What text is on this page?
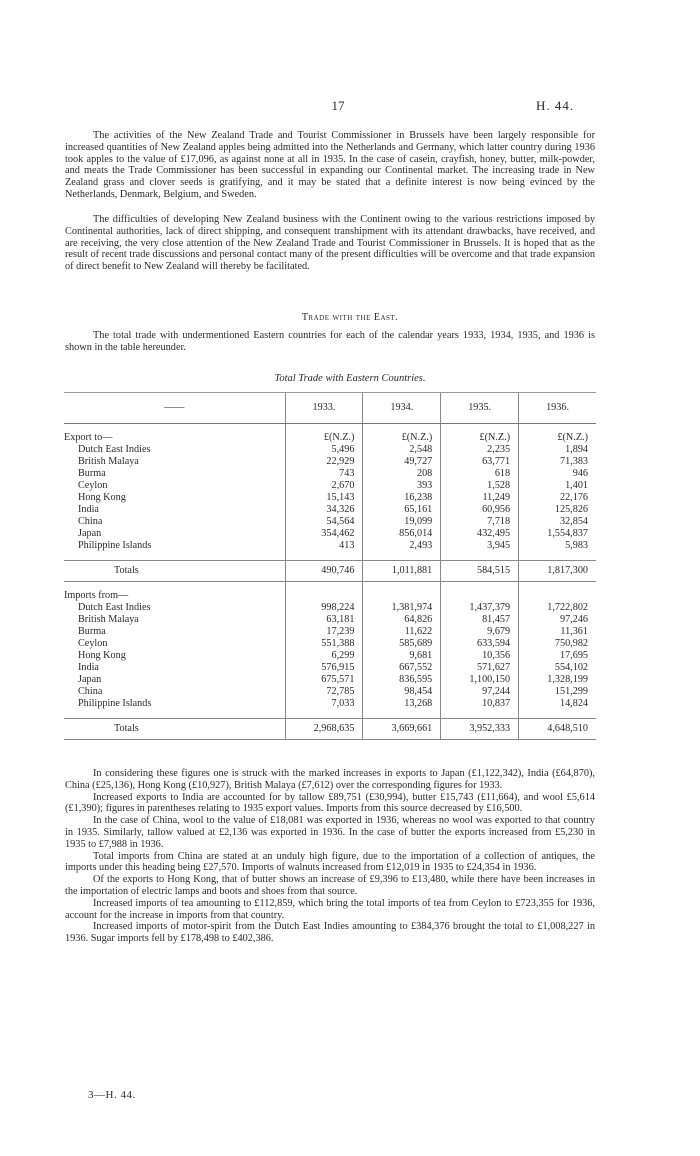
17	H. 44.

The activities of the New Zealand Trade and Tourist Commissioner in Brussels have been largely responsible for increased quantities of New Zealand apples being admitted into the Netherlands and Germany, which latter country during 1936 took apples to the value of £17,096, as against none at all in 1935. In the case of casein, crayfish, honey, butter, milk-powder, and meats the Trade Commissioner has been successful in expanding our Continental market. The increasing trade in New Zealand grass and clover seeds is gratifying, and it may be stated that a definite interest is now being evinced by the Netherlands, Denmark, Belgium, and Sweden.

The difficulties of developing New Zealand business with the Continent owing to the various restrictions imposed by Continental authorities, lack of direct shipping, and consequent transhipment with its attendant drawbacks, have received, and are receiving, the very close attention of the New Zealand Trade and Tourist Commissioner in Brussels. It is hoped that as the result of recent trade discussions and personal contact many of the present difficulties will be overcome and that trade expansion of direct benefit to New Zealand will thereby be facilitated.

Trade with the East.

The total trade with undermentioned Eastern countries for each of the calendar years 1933, 1934, 1935, and 1936 is shown in the table hereunder.

Total Trade with Eastern Countries.
——	1933.	1934.	1935.	1936.

Export to—	£(N.Z.)	£(N.Z.)	£(N.Z.)	£(N.Z.)
Dutch East Indies	5,496	2,548	2,235	1,894
British Malaya	22,929	49,727	63,771	71,383
Burma	743	208	618	946
Ceylon	2,670	393	1,528	1,401
Hong Kong	15,143	16,238	11,249	22,176
India	34,326	65,161	60,956	125,826
China	54,564	19,099	7,718	32,854
Japan	354,462	856,014	432,495	1,554,837
Philippine Islands	413	2,493	3,945	5,983

Totals	490,746	1,011,881	584,515	1,817,300

Imports from—				
Dutch East Indies	998,224	1,381,974	1,437,379	1,722,802
British Malaya	63,181	64,826	81,457	97,246
Burma	17,239	11,622	9,679	11,361
Ceylon	551,388	585,689	633,594	750,982
Hong Kong	6,299	9,681	10,356	17,695
India	576,915	667,552	571,627	554,102
Japan	675,571	836,595	1,100,150	1,328,199
China	72,785	98,454	97,244	151,299
Philippine Islands	7,033	13,268	10,837	14,824

Totals	2,968,635	3,669,661	3,952,333	4,648,510

In considering these figures one is struck with the marked increases in exports to Japan (£1,122,342), India (£64,870), China (£25,136), Hong Kong (£10,927), British Malaya (£7,612) over the corresponding figures for 1933.

Increased exports to India are accounted for by tallow £89,751 (£30,994), butter £15,743 (£11,664), and wool £5,614 (£1,390); figures in parentheses relating to 1935 export values. Imports from this source decreased by £16,500.

In the case of China, wool to the value of £18,081 was exported in 1936, whereas no wool was exported to that country in 1935. Similarly, tallow valued at £2,136 was exported in 1936. In the case of butter the exports increased from £5,230 in 1935 to £7,988 in 1936.

Total imports from China are stated at an unduly high figure, due to the importation of a collection of antiques, the imports under this heading being £27,570. Imports of walnuts increased from £12,019 in 1935 to £24,354 in 1936.

Of the exports to Hong Kong, that of butter shows an increase of £9,396 to £13,480, while there have been increases in the importation of electric lamps and boots and shoes from that source.

Increased imports of tea amounting to £112,859, which bring the total imports of tea from Ceylon to £723,355 for 1936, account for the increase in imports from that country.

Increased imports of motor-spirit from the Dutch East Indies amounting to £384,376 brought the total to £1,008,227 in 1936. Sugar imports fell by £178,498 to £402,386.

3—H. 44.
